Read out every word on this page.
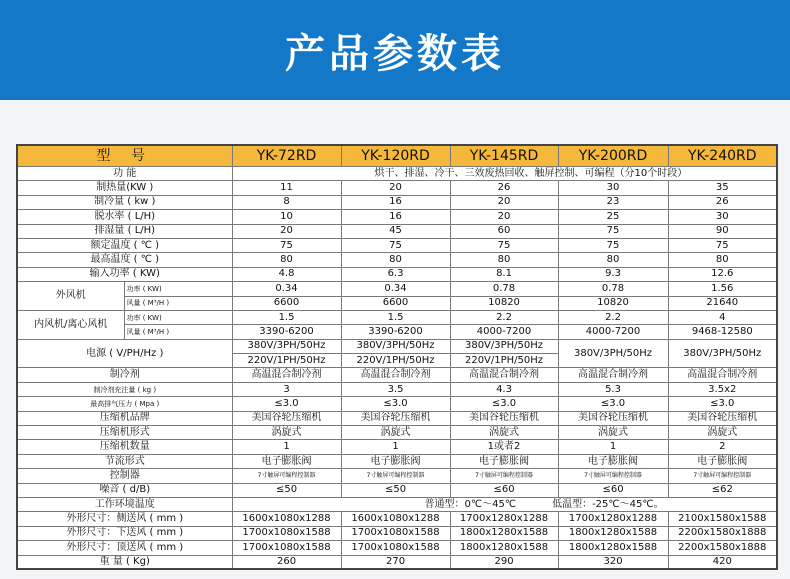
产品参数表
型 号		YK-72RD	YK-120RD	YK-145RD	YK-200RD	YK-240RD
功 能		烘干、排湿、冷干、三效废热回收、触屏控制、可编程（分10个时段）				
制热量(KW )		11	20	26	30	35
制冷量 ( kw )		8	16	20	23	26
脱水率 ( L/H)		10	16	20	25	30
排湿量 ( L/H)		20	45	60	75	90
额定温度 ( ℃ )		75	75	75	75	75
最高温度 ( ℃ )		80	80	80	80	80
输入功率 ( KW)		4.8	6.3	8.1	9.3	12.6
外风机	功率 ( KW)	0.34	0.34	0.78	0.78	1.56
	风量 ( M³/H )	6600	6600	10820	10820	21640
内风机/离心风机	功率 ( KW)	1.5	1.5	2.2	2.2	4
	风量 ( M³/H )	3390-6200	3390-6200	4000-7200	4000-7200	9468-12580
电源 ( V/PH/Hz )		380V/3PH/50Hz	380V/3PH/50Hz	380V/3PH/50Hz	380V/3PH/50Hz	380V/3PH/50Hz
		220V/1PH/50Hz	220V/1PH/50Hz	220V/1PH/50Hz		
制冷剂		高温混合制冷剂	高温混合制冷剂	高温混合制冷剂	高温混合制冷剂	高温混合制冷剂
制冷剂充注量 ( kg )		3	3.5	4.3	5.3	3.5x2
最高排气压力 ( Mpa )		≤3.0	≤3.0	≤3.0	≤3.0	≤3.0
压缩机品牌		美国谷轮压缩机	美国谷轮压缩机	美国谷轮压缩机	美国谷轮压缩机	美国谷轮压缩机
压缩机形式		涡旋式	涡旋式	涡旋式	涡旋式	涡旋式
压缩机数量		1	1	1或者2	1	2
节流形式		电子膨胀阀	电子膨胀阀	电子膨胀阀	电子膨胀阀	电子膨胀阀
控制器		7寸触屏可编程控制器	7寸触屏可编程控制器	7寸触屏可编程控制器	7寸触屏可编程控制器	7寸触屏可编程控制器
噪音 ( d/B)		≤50	≤50	≤60	≤60	≤62
工作环境温度		普通型：0℃～45℃ 低温型：-25℃～45℃。				
外形尺寸：侧送风 ( mm )		1600x1080x1288	1600x1080x1288	1700x1280x1288	1700x1280x1288	2100x1580x1588
外形尺寸：下送风 ( mm )		1700x1080x1588	1700x1080x1588	1800x1280x1588	1800x1280x1588	2200x1580x1888
外形尺寸：顶送风 ( mm )		1700x1080x1588	1700x1080x1588	1800x1280x1588	1800x1280x1588	2200x1580x1888
重 量 ( Kg)		260	270	290	320	420
